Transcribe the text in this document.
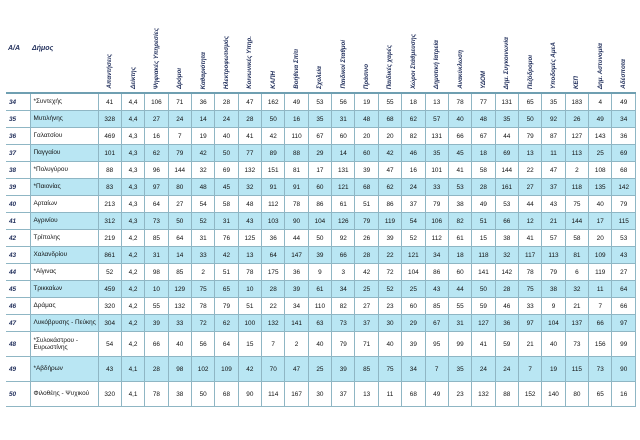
Α/Α	Δήμος	Απαντήσεις	Δείκτης	Ψηφιακές Υπηρεσίες	Δρόμοι	Καθαριότητα	Ηλεκτροφωτισμός	Κοινωνικές Υπηρ.	ΚΑΠΗ	Βοήθεια Σπίτι	Σχολεία	Παιδικοί Σταθμοί	Πράσινο	Παιδικές χαρές	Χώροι Στάθμευσης	Δημοτική Ιατρεία	Ανακύκλωση	ΥΔΟΜ	Δημ. Συγκοινωνία	Πεζόδρομοι	Υποδομές ΑμεΑ	ΚΕΠ	Δημ. Αστυνομία	Αδέσποτα

34	*Συντεχής	41	4,4	106	71	36	28	47	162	49	53	56	19	55	18	13	78	77	131	65	35	183	4	49
35	Μυτιλήνης	328	4,4	27	24	14	24	28	50	16	35	31	48	68	62	57	40	48	35	50	92	26	49	34
36	Γαλατσίου	469	4,3	16	7	19	40	41	42	110	67	60	20	20	82	131	66	67	44	79	87	127	143	36
37	Παγγαίου	101	4,3	62	79	42	50	77	89	88	29	14	60	42	46	35	45	18	69	13	11	113	25	69
38	*Πολυγύρου	88	4,3	96	144	32	69	132	151	81	17	131	39	47	16	101	41	58	144	22	47	2	108	68
39	*Παιονίας	83	4,3	97	80	48	45	32	91	91	60	121	68	62	24	33	53	28	161	27	37	118	135	142
40	Αρταίων	213	4,3	64	27	54	58	48	112	78	86	61	51	86	37	79	38	49	53	44	43	75	40	79
41	Αγρινίου	312	4,3	73	50	52	31	43	103	90	104	126	79	119	54	106	82	51	66	12	21	144	17	115
42	Τρίπολης	219	4,2	85	64	31	76	125	36	44	50	92	26	39	52	112	61	15	38	41	57	58	20	53
43	Χαλανδρίου	861	4,2	31	14	33	42	13	64	147	39	66	28	22	121	34	18	118	32	117	113	81	109	43
44	*Αίγινας	52	4,2	98	85	2	51	78	175	36	9	3	42	72	104	86	60	141	142	78	79	6	119	27
45	Τρικκαίων	459	4,2	10	129	75	65	10	28	39	61	34	25	52	25	43	44	50	28	75	38	32	11	64
46	Δράμας	320	4,2	55	132	78	79	51	22	34	110	82	27	23	60	85	55	59	46	33	9	21	7	66
47	Λυκόβρυσης - Πεύκης	304	4,2	39	33	72	62	100	132	141	63	73	37	30	29	67	31	127	36	97	104	137	66	97
48	*Συλοκάστρου - Ευρωστίνης	54	4,2	66	40	56	64	15	7	2	40	79	71	40	39	95	99	41	59	21	40	73	156	99
49	*Αβδήρων	43	4,1	28	98	102	109	42	70	47	25	39	85	75	34	7	35	24	24	7	19	115	73	90
50	Φιλοθέης - Ψυχικού	320	4,1	78	38	50	68	90	114	167	30	37	13	11	68	49	23	132	88	152	140	80	65	16
